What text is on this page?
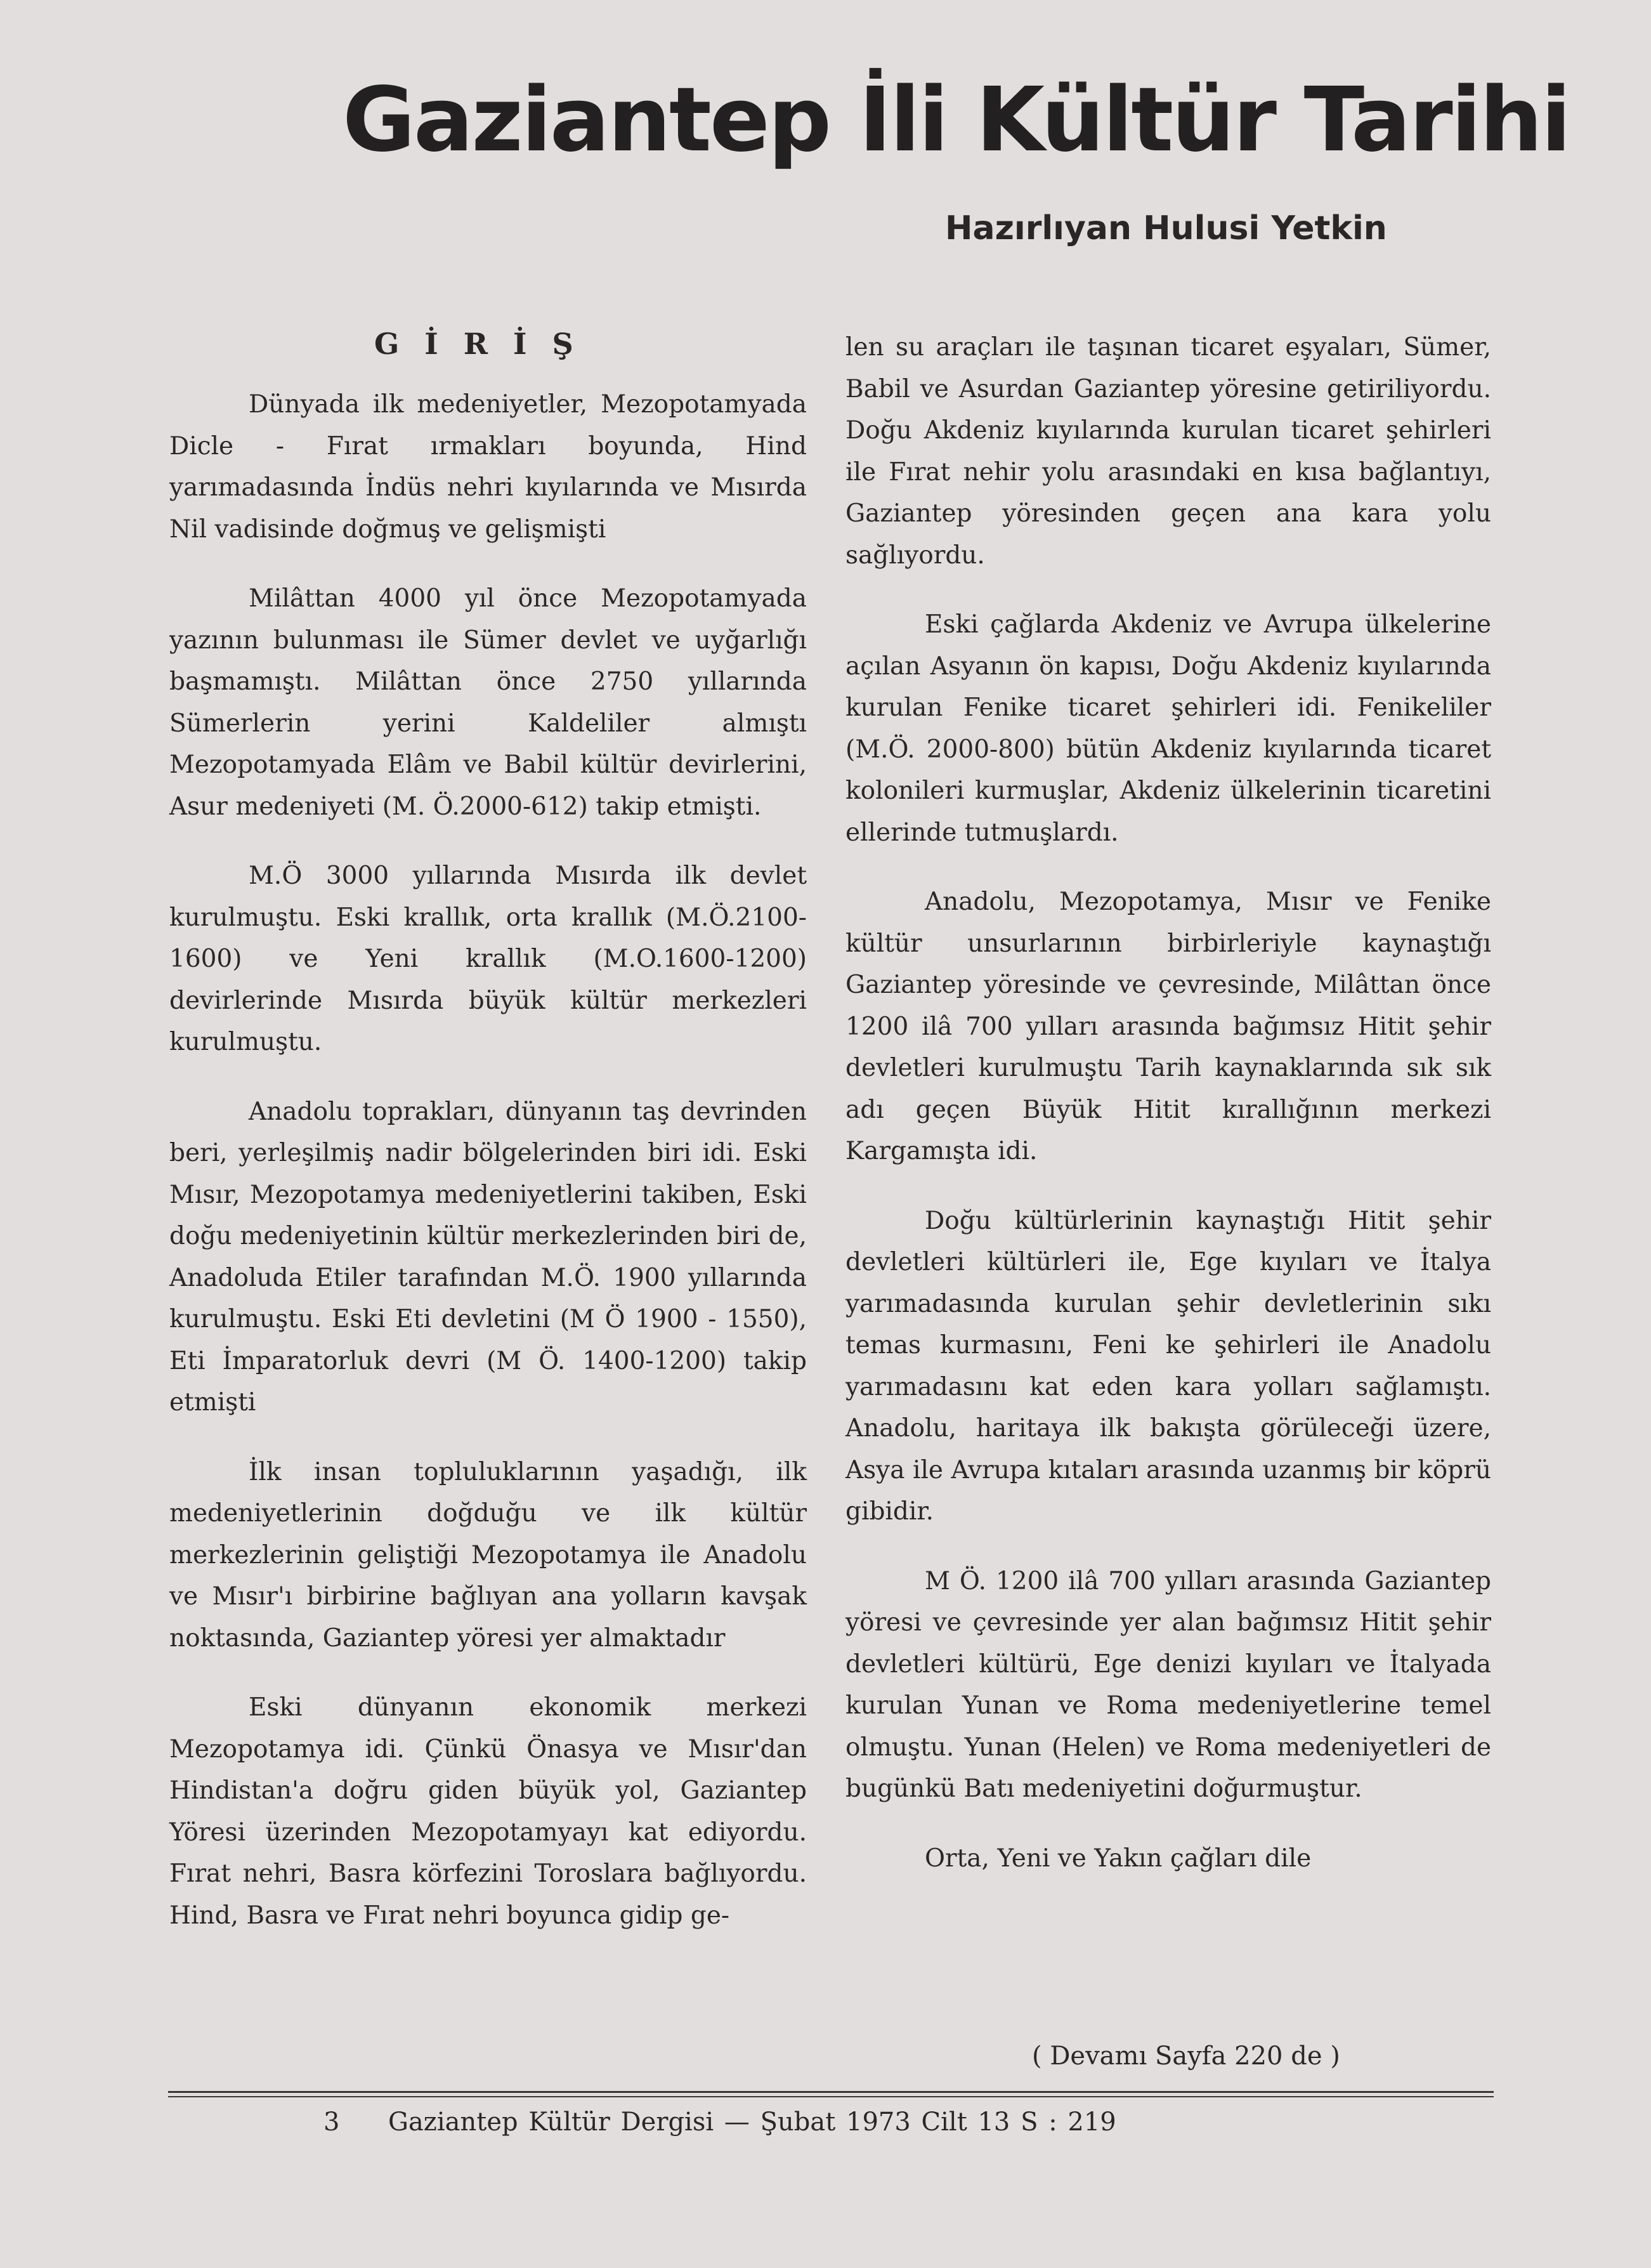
Gaziantep İli Kültür Tarihi
Hazırlıyan Hulusi Yetkin
GİRİŞ

Dünyada ilk medeniyetler, Mezopotamyada Dicle - Fırat ırmakları boyunda, Hind yarımadasında İndüs nehri kıyılarında ve Mısırda Nil vadisinde doğmuş ve gelişmişti

Milâttan 4000 yıl önce Mezopotamyada yazının bulunması ile Sümer devlet ve uyğarlığı başmamıştı. Milâttan önce 2750 yıllarında Sümerlerin yerini Kaldeliler almıştı Mezopotamyada Elâm ve Babil kültür devirlerini, Asur medeniyeti (M. Ö.2000-612) takip etmişti.

M.Ö 3000 yıllarında Mısırda ilk devlet kurulmuştu. Eski krallık, orta krallık (M.Ö.2100-1600) ve Yeni krallık (M.O.1600-1200) devirlerinde Mısırda büyük kültür merkezleri kurulmuştu.

Anadolu toprakları, dünyanın taş devrinden beri, yerleşilmiş nadir bölgelerinden biri idi. Eski Mısır, Mezopotamya medeniyetlerini takiben, Eski doğu medeniyetinin kültür merkezlerinden biri de, Anadoluda Etiler tarafından M.Ö. 1900 yıllarında kurulmuştu. Eski Eti devletini (M Ö 1900 - 1550), Eti İmparatorluk devri (M Ö. 1400-1200) takip etmişti

İlk insan topluluklarının yaşadığı, ilk medeniyetlerinin doğduğu ve ilk kültür merkezlerinin geliştiği Mezopotamya ile Anadolu ve Mısır'ı birbirine bağlıyan ana yolların kavşak noktasında, Gaziantep yöresi yer almaktadır

Eski dünyanın ekonomik merkezi Mezopotamya idi. Çünkü Önasya ve Mısır'dan Hindistan'a doğru giden büyük yol, Gaziantep Yöresi üzerinden Mezopotamyayı kat ediyordu. Fırat nehri, Basra körfezini Toroslara bağlıyordu. Hind, Basra ve Fırat nehri boyunca gidip ge-

len su araçları ile taşınan ticaret eşyaları, Sümer, Babil ve Asurdan Gaziantep yöresine getiriliyordu. Doğu Akdeniz kıyılarında kurulan ticaret şehirleri ile Fırat nehir yolu arasındaki en kısa bağlantıyı, Gaziantep yöresinden geçen ana kara yolu sağlıyordu.

Eski çağlarda Akdeniz ve Avrupa ülkelerine açılan Asyanın ön kapısı, Doğu Akdeniz kıyılarında kurulan Fenike ticaret şehirleri idi. Fenikeliler (M.Ö. 2000-800) bütün Akdeniz kıyılarında ticaret kolonileri kurmuşlar, Akdeniz ülkelerinin ticaretini ellerinde tutmuşlardı.

Anadolu, Mezopotamya, Mısır ve Fenike kültür unsurlarının birbirleriyle kaynaştığı Gaziantep yöresinde ve çevresinde, Milâttan önce 1200 ilâ 700 yılları arasında bağımsız Hitit şehir devletleri kurulmuştu Tarih kaynaklarında sık sık adı geçen Büyük Hitit kırallığının merkezi Kargamışta idi.

Doğu kültürlerinin kaynaştığı Hitit şehir devletleri kültürleri ile, Ege kıyıları ve İtalya yarımadasında kurulan şehir devletlerinin sıkı temas kurmasını, Feni ke şehirleri ile Anadolu yarımadasını kat eden kara yolları sağlamıştı. Anadolu, haritaya ilk bakışta görüleceği üzere, Asya ile Avrupa kıtaları arasında uzanmış bir köprü gibidir.

M Ö. 1200 ilâ 700 yılları arasında Gaziantep yöresi ve çevresinde yer alan bağımsız Hitit şehir devletleri kültürü, Ege denizi kıyıları ve İtalyada kurulan Yunan ve Roma medeniyetlerine temel olmuştu. Yunan (Helen) ve Roma medeniyetleri de bugünkü Batı medeniyetini doğurmuştur.

Orta, Yeni ve Yakın çağları dile

( Devamı Sayfa 220 de )
3 Gaziantep Kültür Dergisi — Şubat 1973 Cilt 13 S : 219
